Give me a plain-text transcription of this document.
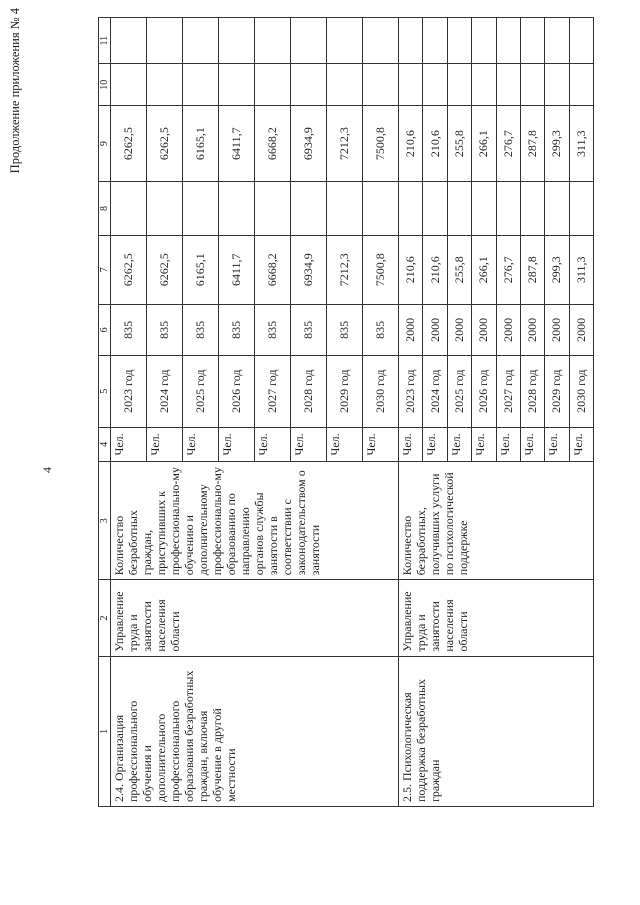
4
Продолжение приложения № 4
1	2	3	4	5	6	7	8	9	10	11
2.4. Организация профессионального обучения и дополнительного профессионального образования безработных граждан, включая обучение в другой местности	Управление труда и занятости населения области	Количество безработных граждан, приступивших к профессионально-му обучению и дополнительному профессионально-му образованию по направлению органов службы занятости в соответствии с законодательством о занятости	Чел.	2023 год	835	6262,5		6262,5		
			Чел.	2024 год	835	6262,5		6262,5		
			Чел.	2025 год	835	6165,1		6165,1		
			Чел.	2026 год	835	6411,7		6411,7		
			Чел.	2027 год	835	6668,2		6668,2		
			Чел.	2028 год	835	6934,9		6934,9		
			Чел.	2029 год	835	7212,3		7212,3		
			Чел.	2030 год	835	7500,8		7500,8		
2.5. Психологическая поддержка безработных граждан	Управление труда и занятости населения области	Количество безработных, получивших услуги по психологической поддержке	Чел.	2023 год	2000	210,6		210,6		
			Чел.	2024 год	2000	210,6		210,6		
			Чел.	2025 год	2000	255,8		255,8		
			Чел.	2026 год	2000	266,1		266,1		
			Чел.	2027 год	2000	276,7		276,7		
			Чел.	2028 год	2000	287,8		287,8		
			Чел.	2029 год	2000	299,3		299,3		
			Чел.	2030 год	2000	311,3		311,3		
